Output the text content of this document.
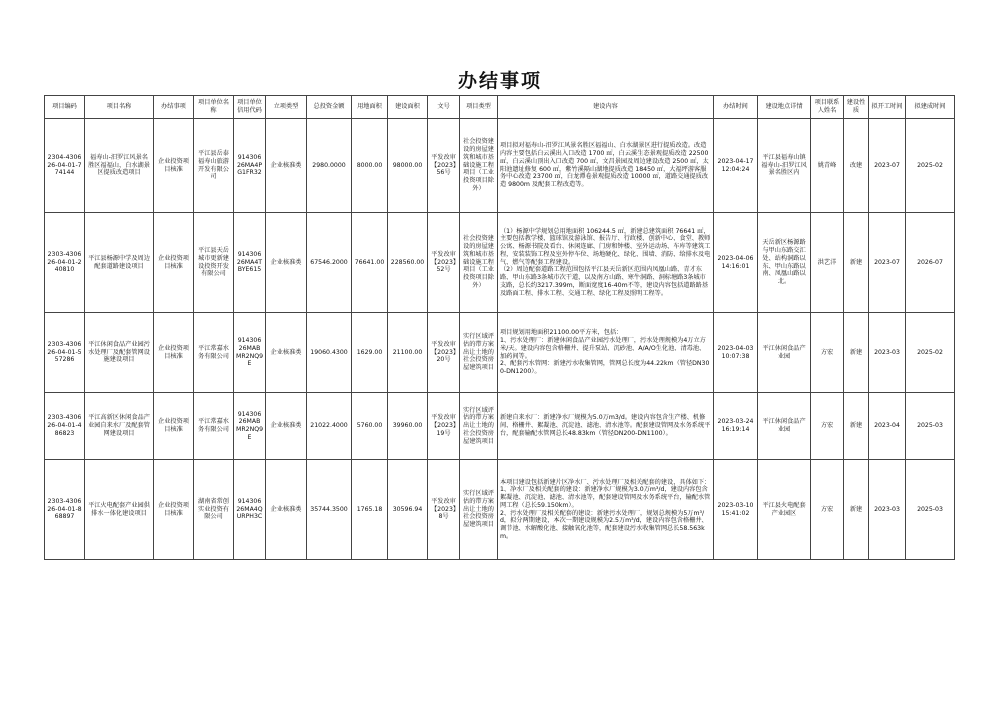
办结事项
项目编码	项目名称	办结事项	项目单位名称	项目单位信用代码	立项类型	总投资金额	用地面积	建设面积	文号	项目类型	建设内容	办结时间	建设地点详情	项目联系人姓名	建设性质	拟开工时间	拟建成时间
2304-430626-04-01-774144	福寿山-汨罗江风景名胜区福福山、白水湖景区提质改造项目	企业投资项目核准	平江县岳泰福寿山旅游开发有限公司	91430626MA4PG1FR32	企业核准类	2980.0000	8000.00	98000.00	平发改审【2023】56号	社会投资建设的房屋建筑和城市基础设施工程项目（工业投资项目除外）	项目拟对福寿山-汨罗江风景名胜区福福山、白水湖景区进行提质改造。改造内容主要包括白云溪出入口改造 1700 ㎡，白云溪生态景观提质改造 22500 ㎡，白云溪山顶出入口改造 700 ㎡，文昌景园及周边建设改造 2500 ㎡，太阳池遗址修复 600 ㎡，紫竹溪隔山湖地提质改造 18450 ㎡，大福坪游客服务中心改造 23700 ㎡，白龙潭卷景观提质改造 10000 ㎡，道路交通提质改造 9800m 及配套工程改造等。	2023-04-17 12:04:24	平江县福寿山镇福寿山-汨罗江风景名胜区内	姚青峰	改建	2023-07	2025-02
2303-430626-04-01-240810	平江县杨源中学及周边配套道路建设项目	企业投资项目核准	平江县天岳城市更新建设投资开发有限公司	91430626MA4TBYE615	企业核准类	67546.2000	76641.00	228560.00	平发改审【2023】52号	社会投资建设的房屋建筑和城市基础设施工程项目（工业投资项目除外）	（1）杨源中学规划总用地面积 106244.5 ㎡，新建总建筑面积 76641 ㎡，主要包括教学楼、篮球馆及游泳馆、报告厅、行政楼、创新中心、食堂、教师公寓、杨源书院及看台、休闲连廊、门房和钟楼、室外运动场、车库等建筑工程，安装装饰工程及室外停车位、场地硬化、绿化、围墙、消防、给排水及电气、燃气等配套工程建设。
（2）周边配套道路工程范围包括平江县天岳新区范围内凤凰山路、青才东路、甲山东路3条城市次干道，以及南方山路、寒牛洞路、洞标塘路3条城市支路，总长约3217.399m，断面宽度16-40m不等，建设内容包括道路路基及路面工程、排水工程、交通工程、绿化工程及照明工程等。	2023-04-06 14:16:01	天岳新区杨源路与甲山东路交汇处、站构洞路以东、甲山东路以南、凤凰山路以北。	洪艺洋	新建	2023-07	2026-07
2303-430626-04-01-557286	平江休闲食品产业园污水处理厂及配套管网设施建设项目	企业投资项目核准	平江常嘉水务有限公司	91430626MABMR2NQ9E	企业核准类	19060.4300	1629.00	21100.00	平发改审【2023】20号	实行区域评估的带方案出让土地的社会投资房屋建筑项目	项目规划用地面积21100.00平方米，包括：
1、污水处理厂：新建休闲食品产业园污水处理厂，污水处理规模为4万立方米/天。建设内容包含格栅井、提升泵站、沉砂池、A/A/O生化池、清毒池、加药间等。
2、配套污水管网：新建污水收集管网，管网总长度为44.22km（管径DN300-DN1200）。	2023-04-03 10:07:38	平江休闲食品产业园	方宏	新建	2023-03	2025-02
2303-430626-04-01-486823	平江高新区休闲食品产业园自来水厂及配套管网建设项目	企业投资项目核准	平江常嘉水务有限公司	91430626MABMR2NQ9E	企业核准类	21022.4000	5760.00	39960.00	平发改审【2023】19号	实行区域评估的带方案出让土地的社会投资房屋建筑项目	新建自来水厂：新建净水厂规模为5.0万m3/d。建设内容包含生产楼、机修间、格栅井、絮凝池、沉淀池、滤池、清水池等。配套建设管网及水务系统平台，配套输配水管网总长48.83km（管径DN200-DN1100）。	2023-03-24 16:19:14	平江休闲食品产业园	方宏	新建	2023-04	2025-03
2303-430626-04-01-868897	平江火电配套产业园供排水一体化建设项目	企业投资项目核准	湖南省常创实业投资有限公司	91430626MA4QURPH3C	企业核准类	35744.3500	1765.18	30596.94	平发改审【2023】8号	实行区域评估的带方案出让土地的社会投资房屋建筑项目	本项目建设包括新建片区净水厂、污水处理厂及相关配套的建设，具体如下：
1、净水厂及相关配套的建设：新建净水厂规模为3.0万m³/d，建设内容包含絮凝池、沉淀池、滤池、清水池等，配套建设管网及水务系统平台，输配水管网工程（总长59.150km）。
2、污水处理厂及相关配套的建设：新建污水处理厂，规划总规模为5万m³/d，拟分两期建设，本次一期建设规模为2.5万m³/d，建设内容包含格栅井、调节池、水解酸化池、接触氧化池等，配套建设污水收集管网总长58.563km。	2023-03-10 15:41:02	平江县火电配套产业园区	方宏	新建	2023-03	2025-03
